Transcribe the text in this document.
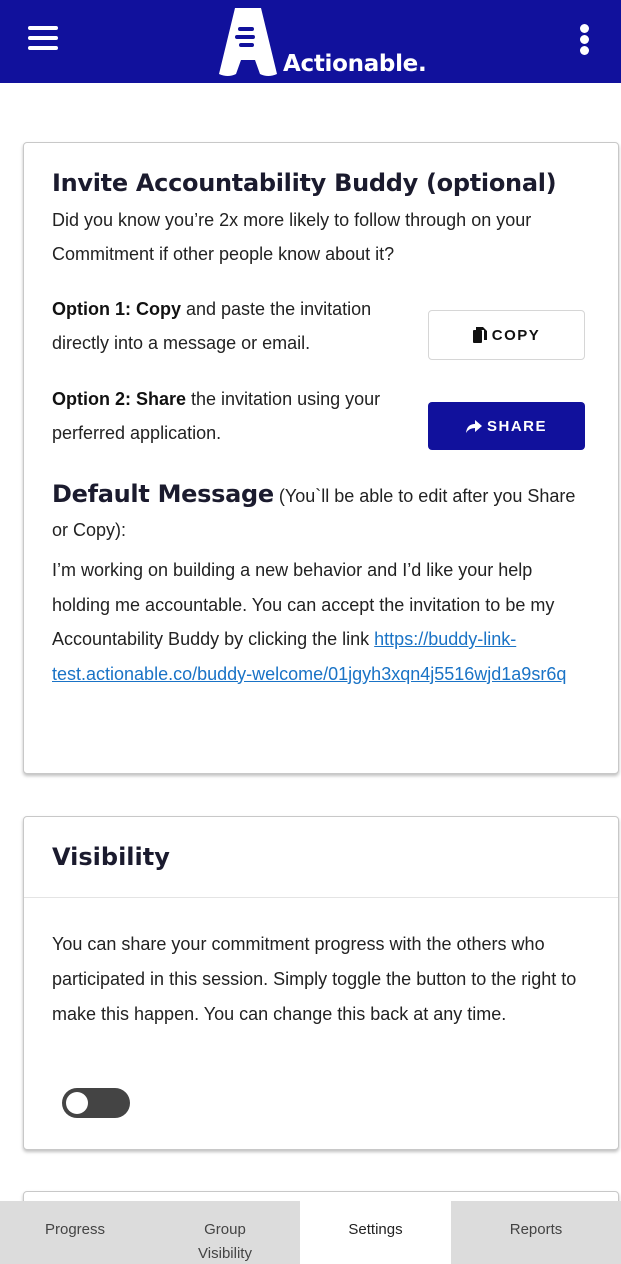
Actionable.
Invite Accountability Buddy (optional)
Did you know you’re 2x more likely to follow through on your Commitment if other people know about it?
Option 1: Copy and paste the invitation directly into a message or email.	COPY
Option 2: Share the invitation using your perferred application.	SHARE
Default Message (You`ll be able to edit after you Share or Copy):
I’m working on building a new behavior and I’d like your help holding me accountable. You can accept the invitation to be my Accountability Buddy by clicking the link https://buddy-link-test.actionable.co/buddy-welcome/01jgyh3xqn4j5516wjd1a9sr6q
Visibility
You can share your commitment progress with the others who participated in this session. Simply toggle the button to the right to make this happen. You can change this back at any time.
Progress	Group Visibility
Settings	Reports
